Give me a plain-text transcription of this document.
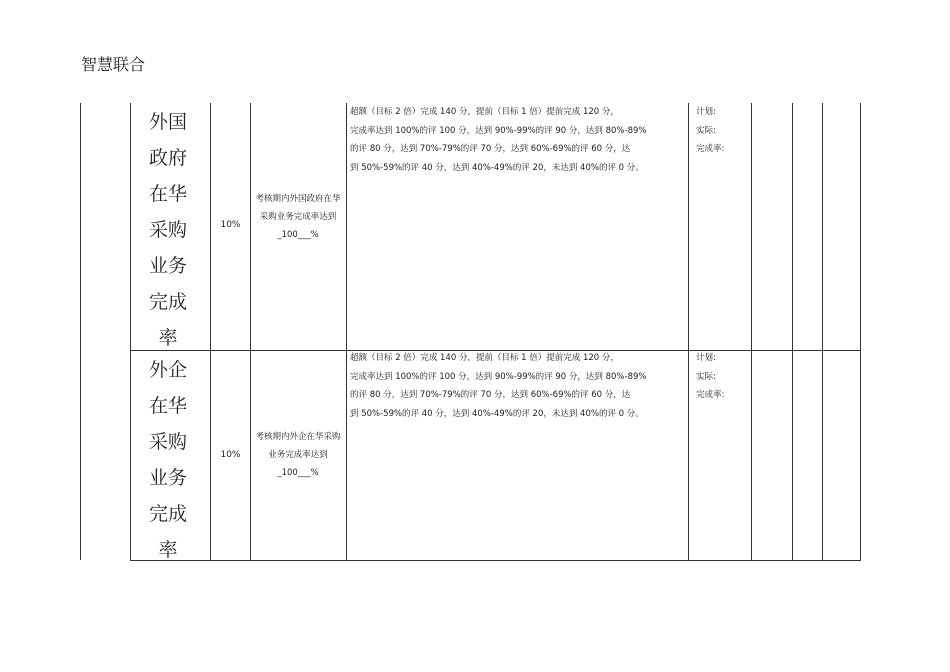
智慧联合
外国政府在华采购业务完成率
10%
考核期内外国政府在华采购业务完成率达到 _100___%
超额（目标 2 倍）完成 140 分，提前（目标 1 倍）提前完成 120 分，
完成率达到 100%的评 100 分，达到 90%-99%的评 90 分，达到 80%-89%
的评 80 分，达到 70%-79%的评 70 分，达到 60%-69%的评 60 分，达
到 50%-59%的评 40 分，达到 40%-49%的评 20，未达到 40%的评 0 分。
计划:
实际:
完成率:
外企在华采购业务完成率
10%
考核期内外企在华采购业务完成率达到 _100___%
超额（目标 2 倍）完成 140 分，提前（目标 1 倍）提前完成 120 分，
完成率达到 100%的评 100 分，达到 90%-99%的评 90 分，达到 80%-89%
的评 80 分，达到 70%-79%的评 70 分，达到 60%-69%的评 60 分，达
到 50%-59%的评 40 分，达到 40%-49%的评 20，未达到 40%的评 0 分。
计划:
实际:
完成率:
